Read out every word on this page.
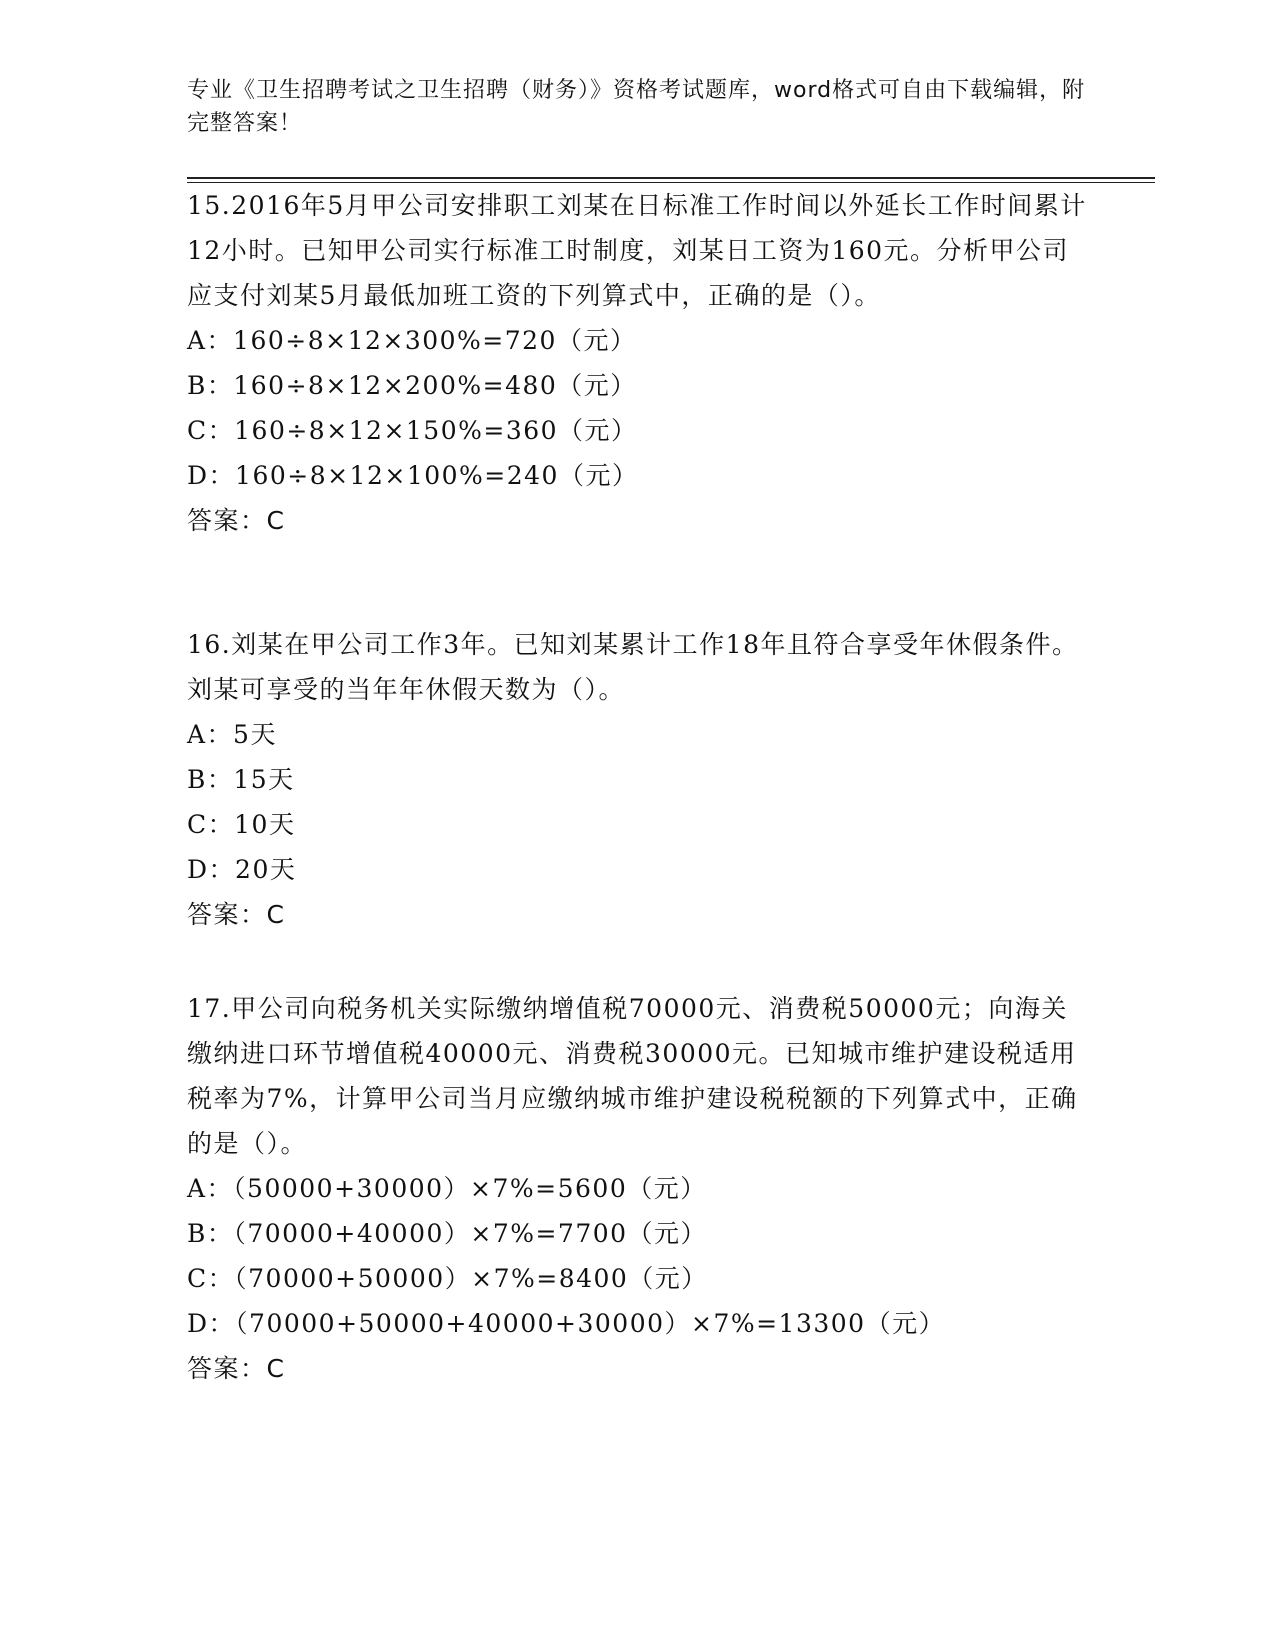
专业《卫生招聘考试之卫生招聘（财务）》资格考试题库，word格式可自由下载编辑，附完整答案！

15.2016年5月甲公司安排职工刘某在日标准工作时间以外延长工作时间累计12小时。已知甲公司实行标准工时制度，刘某日工资为160元。分析甲公司应支付刘某5月最低加班工资的下列算式中，正确的是（）。

A：160÷8×12×300%=720（元）

B：160÷8×12×200%=480（元）

C：160÷8×12×150%=360（元）

D：160÷8×12×100%=240（元）

答案：C

16.刘某在甲公司工作3年。已知刘某累计工作18年且符合享受年休假条件。刘某可享受的当年年休假天数为（）。

A：5天

B：15天

C：10天

D：20天

答案：C

17.甲公司向税务机关实际缴纳增值税70000元、消费税50000元；向海关缴纳进口环节增值税40000元、消费税30000元。已知城市维护建设税适用税率为7%，计算甲公司当月应缴纳城市维护建设税税额的下列算式中，正确的是（）。

A：（50000+30000）×7%=5600（元）

B：（70000+40000）×7%=7700（元）

C：（70000+50000）×7%=8400（元）

D：（70000+50000+40000+30000）×7%=13300（元）

答案：C
